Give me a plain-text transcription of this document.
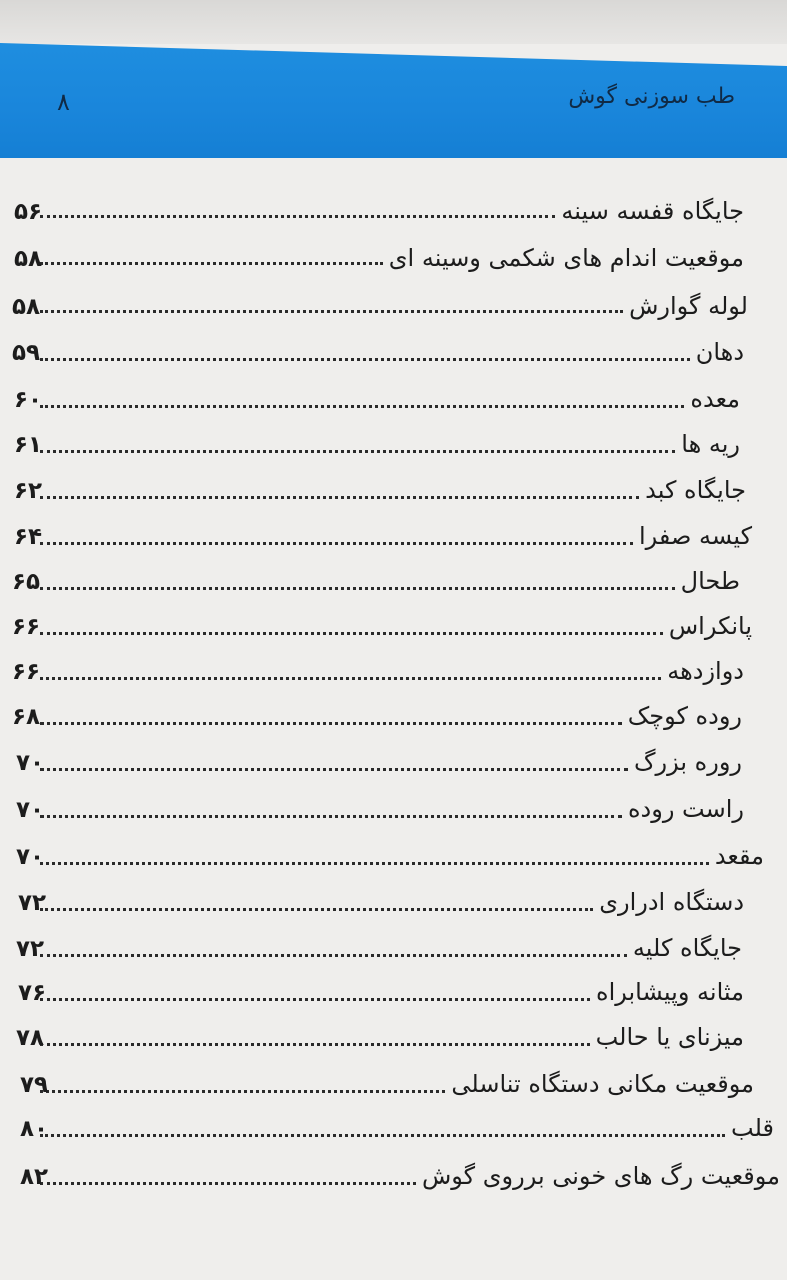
طب سوزنی گوش
۸
جایگاه قفسه سینه
۵۶
موقعیت اندام های شکمی وسینه ای
۵۸
لوله گوارش
۵۸
دهان
۵۹
معده
۶۰
ریه ها
۶۱
جایگاه کبد
۶۲
کیسه صفرا
۶۴
طحال
۶۵
پانکراس
۶۶
دوازدهه
۶۶
روده کوچک
۶۸
روره بزرگ
۷۰
راست روده
۷۰
مقعد
۷۰
دستگاه ادراری
۷۲
جایگاه کلیه
۷۲
مثانه وپیشابراه
۷۶
میزنای یا حالب
۷۸
موقعیت مکانی دستگاه تناسلی
۷۹
قلب
۸۰
موقعیت رگ های خونی برروی گوش
۸۲
